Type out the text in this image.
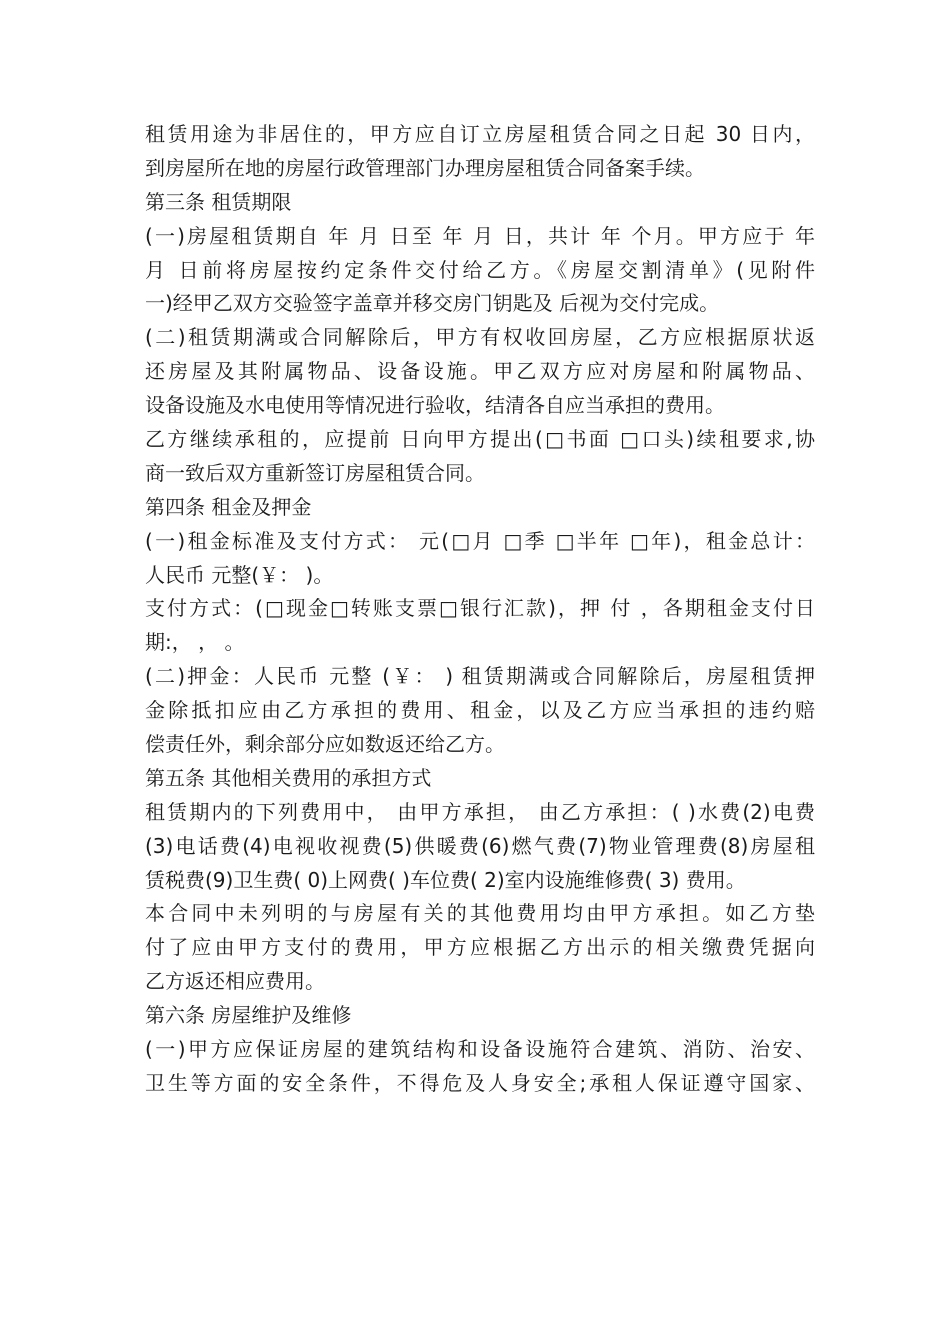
租赁用途为非居住的，甲方应自订立房屋租赁合同之日起 30 日内，
到房屋所在地的房屋行政管理部门办理房屋租赁合同备案手续。
第三条 租赁期限
(一)房屋租赁期自 年 月 日至 年 月 日，共计 年 个月。甲方应于 年
月 日前将房屋按约定条件交付给乙方。《房屋交割清单》(见附件
一)经甲乙双方交验签字盖章并移交房门钥匙及 后视为交付完成。
(二)租赁期满或合同解除后，甲方有权收回房屋，乙方应根据原状返
还房屋及其附属物品、设备设施。甲乙双方应对房屋和附属物品、
设备设施及水电使用等情况进行验收，结清各自应当承担的费用。
乙方继续承租的，应提前 日向甲方提出(□书面 □口头)续租要求,协
商一致后双方重新签订房屋租赁合同。
第四条 租金及押金
(一)租金标准及支付方式： 元(□月 □季 □半年 □年)，租金总计：
人民币 元整(￥： )。
支付方式：(□现金□转账支票□银行汇款)，押 付 ，各期租金支付日
期:， ， 。
(二)押金：人民币 元整 (￥： ) 租赁期满或合同解除后，房屋租赁押
金除抵扣应由乙方承担的费用、租金，以及乙方应当承担的违约赔
偿责任外，剩余部分应如数返还给乙方。
第五条 其他相关费用的承担方式
租赁期内的下列费用中， 由甲方承担， 由乙方承担：( )水费(2)电费
(3)电话费(4)电视收视费(5)供暖费(6)燃气费(7)物业管理费(8)房屋租
赁税费(9)卫生费( 0)上网费( )车位费( 2)室内设施维修费( 3) 费用。
本合同中未列明的与房屋有关的其他费用均由甲方承担。如乙方垫
付了应由甲方支付的费用，甲方应根据乙方出示的相关缴费凭据向
乙方返还相应费用。
第六条 房屋维护及维修
(一)甲方应保证房屋的建筑结构和设备设施符合建筑、消防、治安、
卫生等方面的安全条件，不得危及人身安全;承租人保证遵守国家、
